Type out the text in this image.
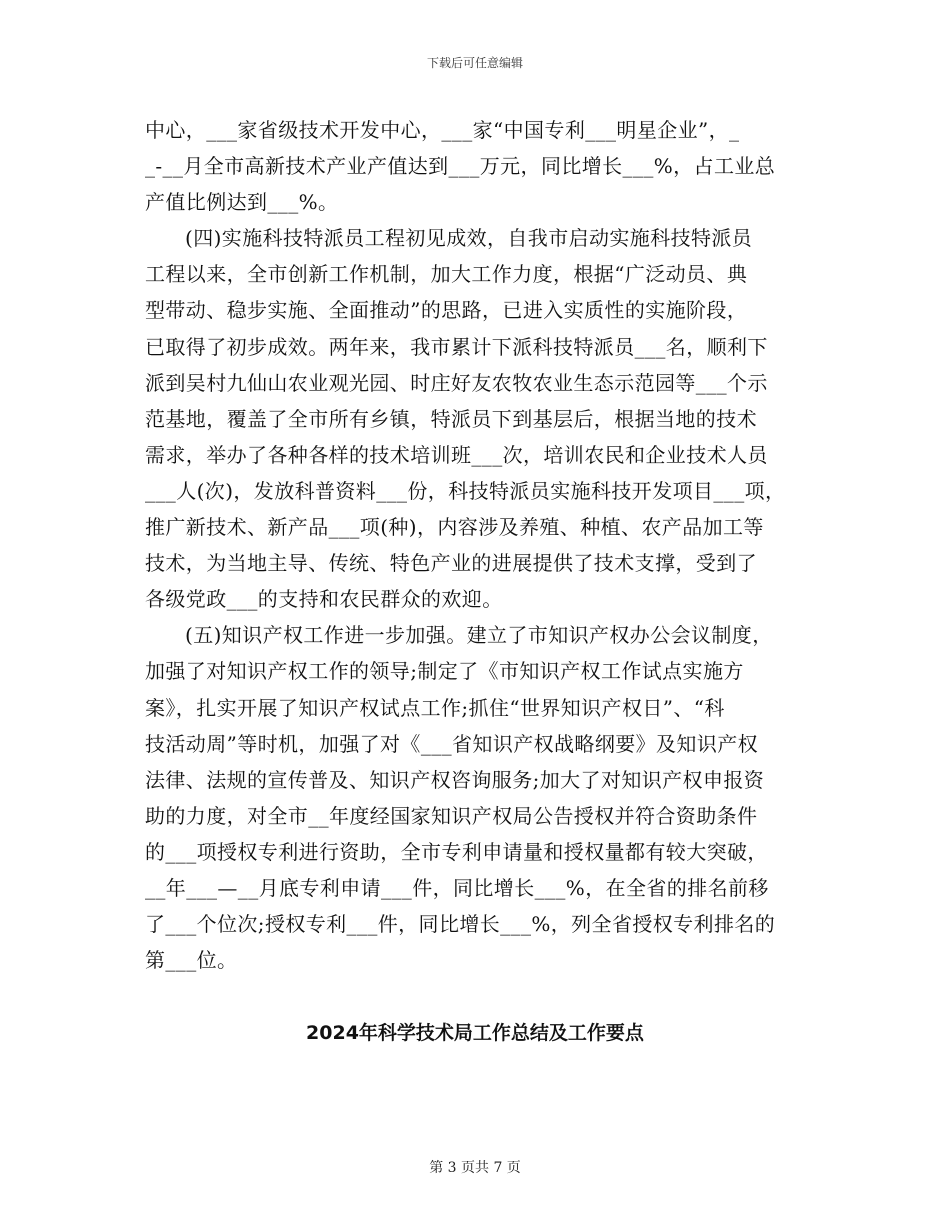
下载后可任意编辑
中心，___家省级技术开发中心，___家“中国专利___明星企业”，_
_-__月全市高新技术产业产值达到___万元，同比增长___%，占工业总
产值比例达到___%。
(四)实施科技特派员工程初见成效，自我市启动实施科技特派员
工程以来，全市创新工作机制，加大工作力度，根据“广泛动员、典
型带动、稳步实施、全面推动”的思路，已进入实质性的实施阶段，
已取得了初步成效。两年来，我市累计下派科技特派员___名，顺利下
派到吴村九仙山农业观光园、时庄好友农牧农业生态示范园等___个示
范基地，覆盖了全市所有乡镇，特派员下到基层后，根据当地的技术
需求，举办了各种各样的技术培训班___次，培训农民和企业技术人员
___人(次)，发放科普资料___份，科技特派员实施科技开发项目___项，
推广新技术、新产品___项(种)，内容涉及养殖、种植、农产品加工等
技术，为当地主导、传统、特色产业的进展提供了技术支撑，受到了
各级党政___的支持和农民群众的欢迎。
(五)知识产权工作进一步加强。建立了市知识产权办公会议制度，
加强了对知识产权工作的领导;制定了《市知识产权工作试点实施方
案》，扎实开展了知识产权试点工作;抓住“世界知识产权日”、“科
技活动周”等时机，加强了对《___省知识产权战略纲要》及知识产权
法律、法规的宣传普及、知识产权咨询服务;加大了对知识产权申报资
助的力度，对全市__年度经国家知识产权局公告授权并符合资助条件
的___项授权专利进行资助，全市专利申请量和授权量都有较大突破，
__年___—__月底专利申请___件，同比增长___%，在全省的排名前移
了___个位次;授权专利___件，同比增长___%，列全省授权专利排名的
第___位。
2024年科学技术局工作总结及工作要点
第 3 页共 7 页
